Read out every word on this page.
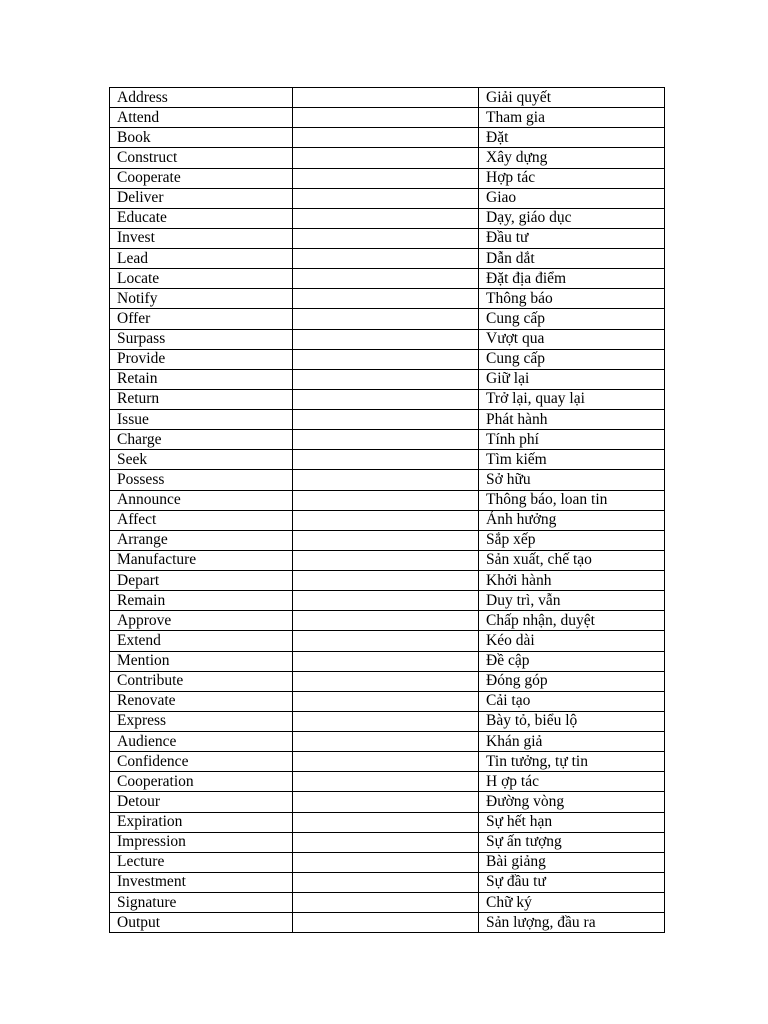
Address		Giải quyết
Attend		Tham gia
Book		Đặt
Construct		Xây dựng
Cooperate		Hợp tác
Deliver		Giao
Educate		Dạy, giáo dục
Invest		Đầu tư
Lead		Dẫn dắt
Locate		Đặt địa điểm
Notify		Thông báo
Offer		Cung cấp
Surpass		Vượt qua
Provide		Cung cấp
Retain		Giữ lại
Return		Trở lại, quay lại
Issue		Phát hành
Charge		Tính phí
Seek		Tìm kiếm
Possess		Sở hữu
Announce		Thông báo, loan tin
Affect		Ảnh hưởng
Arrange		Sắp xếp
Manufacture		Sản xuất, chế tạo
Depart		Khởi hành
Remain		Duy trì, vẫn
Approve		Chấp nhận, duyệt
Extend		Kéo dài
Mention		Đề cập
Contribute		Đóng góp
Renovate		Cải tạo
Express		Bày tỏ, biểu lộ
Audience		Khán giả
Confidence		Tin tưởng, tự tin
Cooperation		H ợp tác
Detour		Đường vòng
Expiration		Sự hết hạn
Impression		Sự ấn tượng
Lecture		Bài giảng
Investment		Sự đầu tư
Signature		Chữ ký
Output		Sản lượng, đầu ra
